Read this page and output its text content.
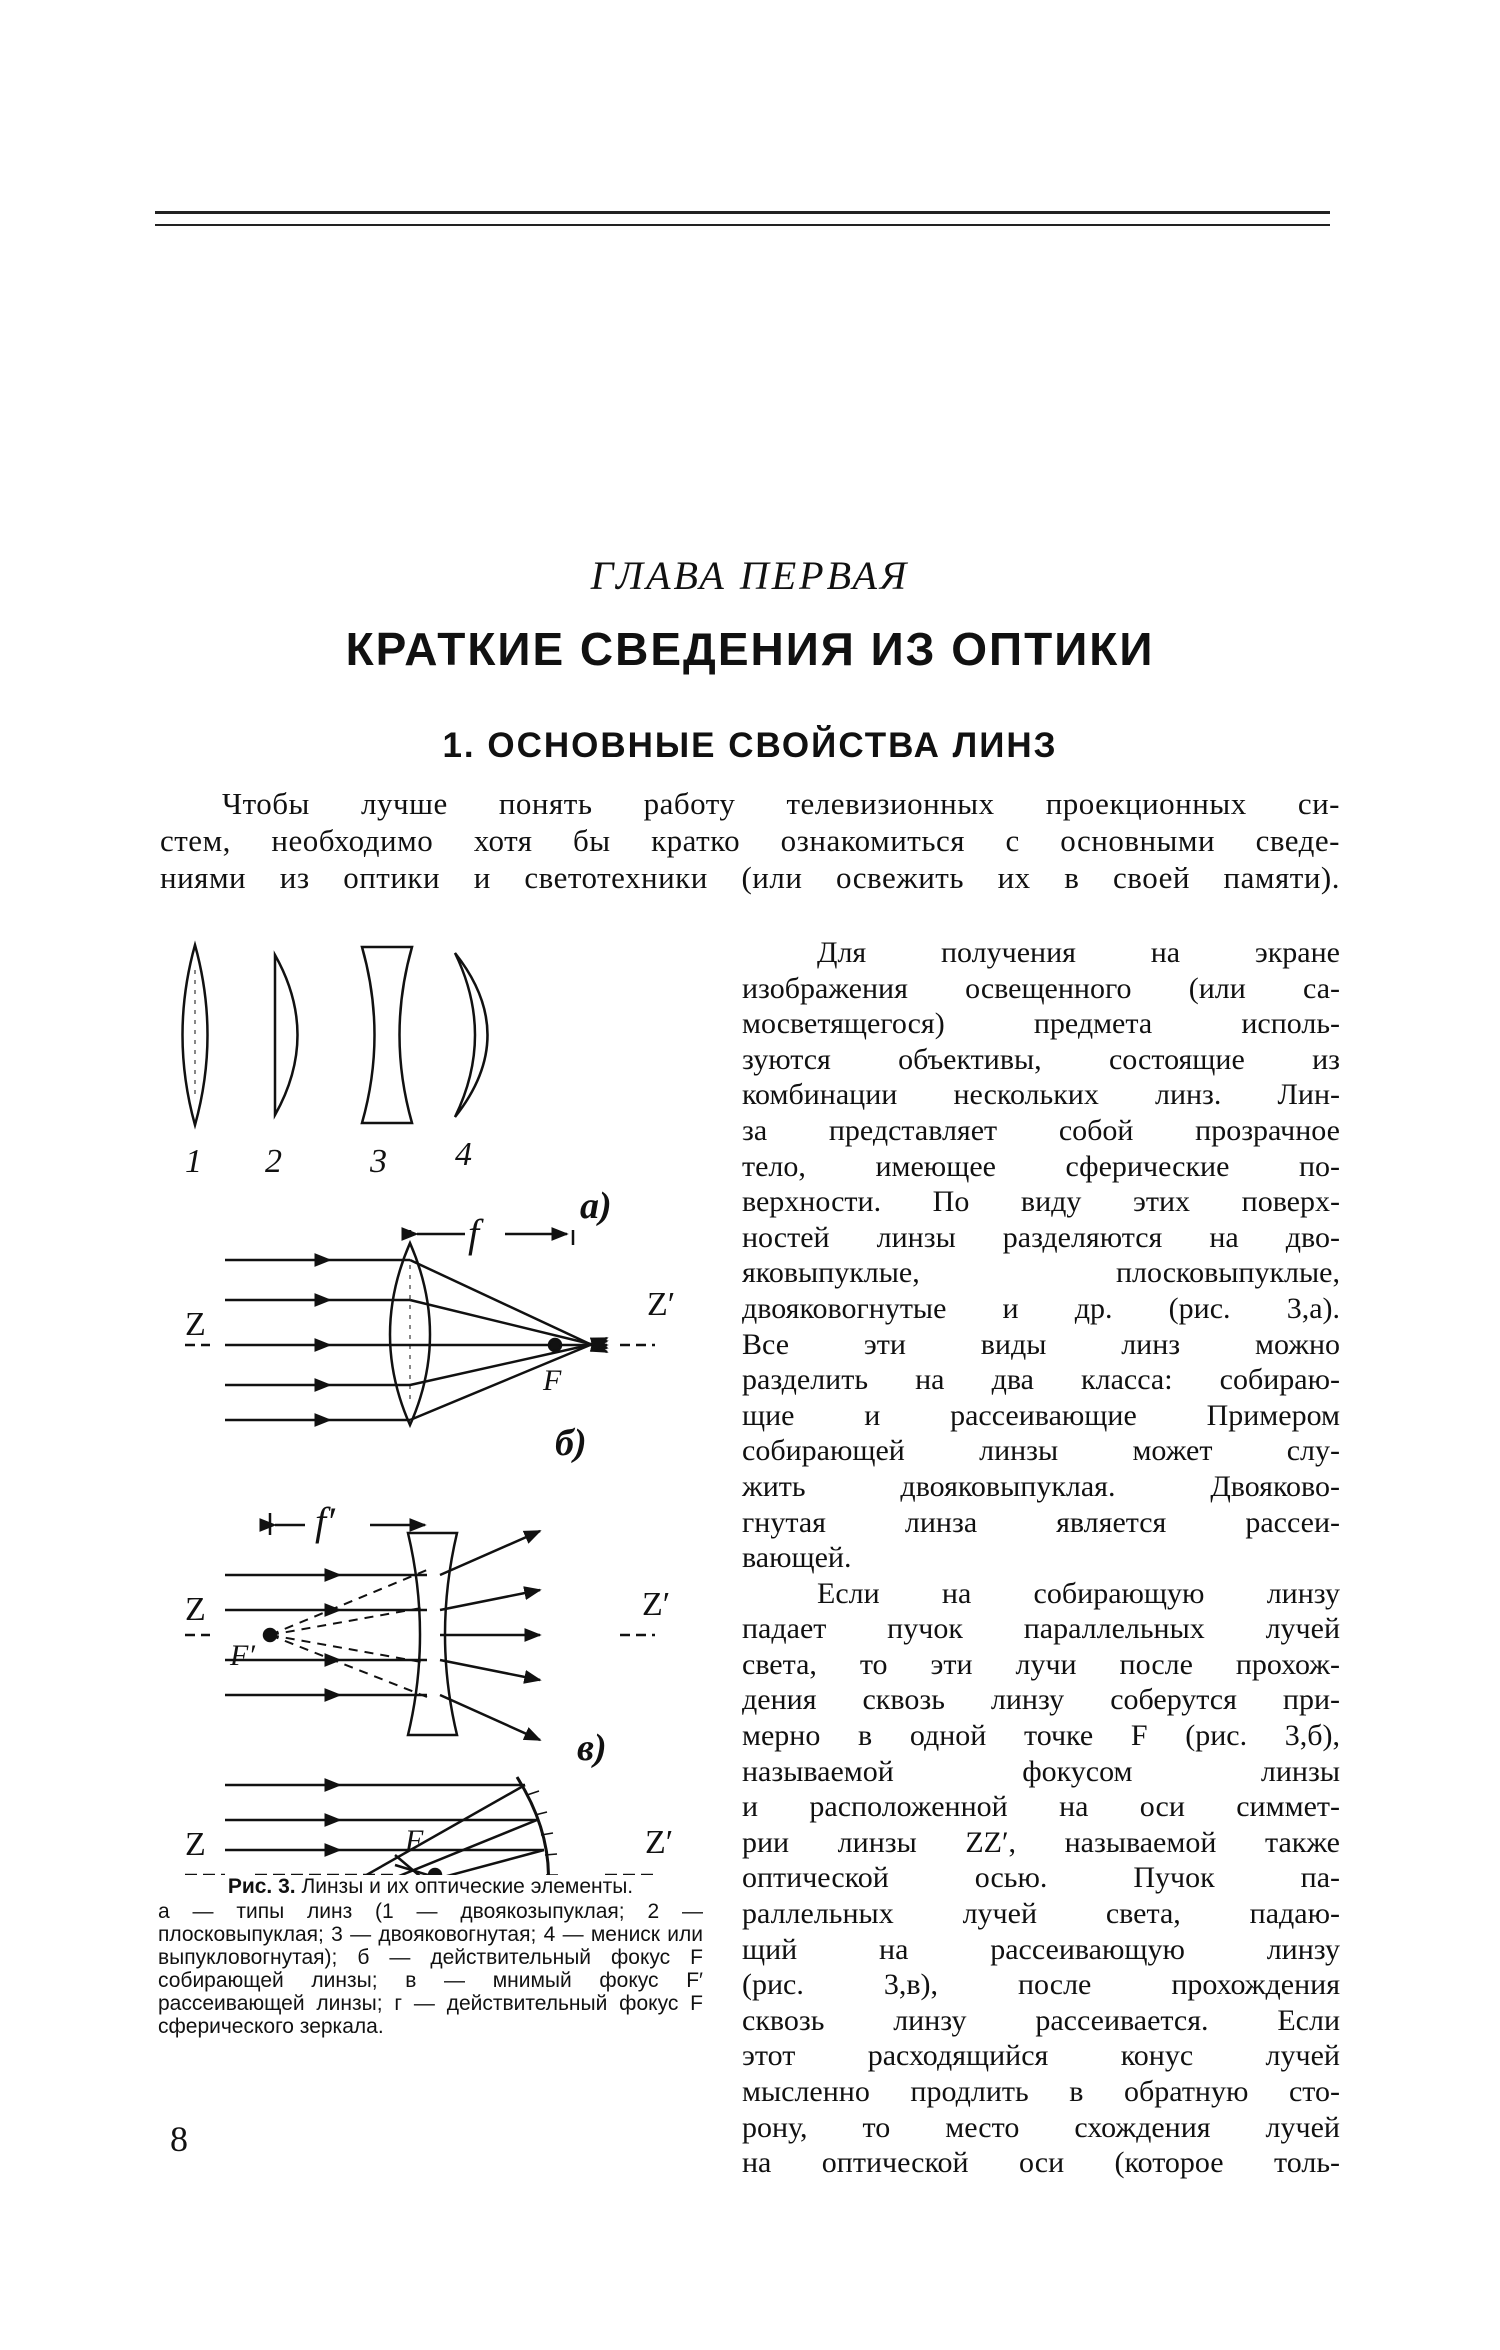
ГЛАВА ПЕРВАЯ
КРАТКИЕ СВЕДЕНИЯ ИЗ ОПТИКИ
1. ОСНОВНЫЕ СВОЙСТВА ЛИНЗ
Чтобы лучше понять работу телевизионных проекционных си-
стем, необходимо хотя бы кратко ознакомиться с основными сведе-
ниями из оптики и светотехники (или освежить их в своей памяти).
Для получения на экране
изображения освещенного (или са-
мосветящегося) предмета исполь-
зуются объективы, состоящие из
комбинации нескольких линз. Лин-
за представляет собой прозрачное
тело, имеющее сферические по-
верхности. По виду этих поверх-
ностей линзы разделяются на дво-
яковыпуклые, плосковыпуклые,
двояковогнутые и др. (рис. 3,а).
Все эти виды линз можно
разделить на два класса: собираю-
щие и рассеивающие Примером
собирающей линзы может слу-
жить двояковыпуклая. Двояково-
гнутая линза является рассеи-
вающей.
Если на собирающую линзу
падает пучок параллельных лучей
света, то эти лучи после прохож-
дения сквозь линзу соберутся при-
мерно в одной точке F (рис. 3,б),
называемой фокусом линзы
и расположенной на оси симмет-
рии линзы ZZ′, называемой также
оптической осью. Пучок па-
раллельных лучей света, падаю-
щий на рассеивающую линзу
(рис. 3,в), после прохождения
сквозь линзу рассеивается. Если
этот расходящийся конус лучей
мысленно продлить в обратную сто-
рону, то место схождения лучей
на оптической оси (которое толь-
1 2	3 4
а)
f
Z
Z′
F
б)
f′
Z	Z′
F′
в)
Z	F	Z′
Рис. 3. Линзы и их оптические элементы.
а — типы линз (1 — двоякозыпуклая; 2 — плосковыпуклая; 3 — двояковогнутая; 4 — мениск или выпукловогнутая); б — действительный фокус F собирающей линзы; в — мнимый фокус F′ рассеивающей линзы; г — действительный фокус F сферического зеркала.
8
